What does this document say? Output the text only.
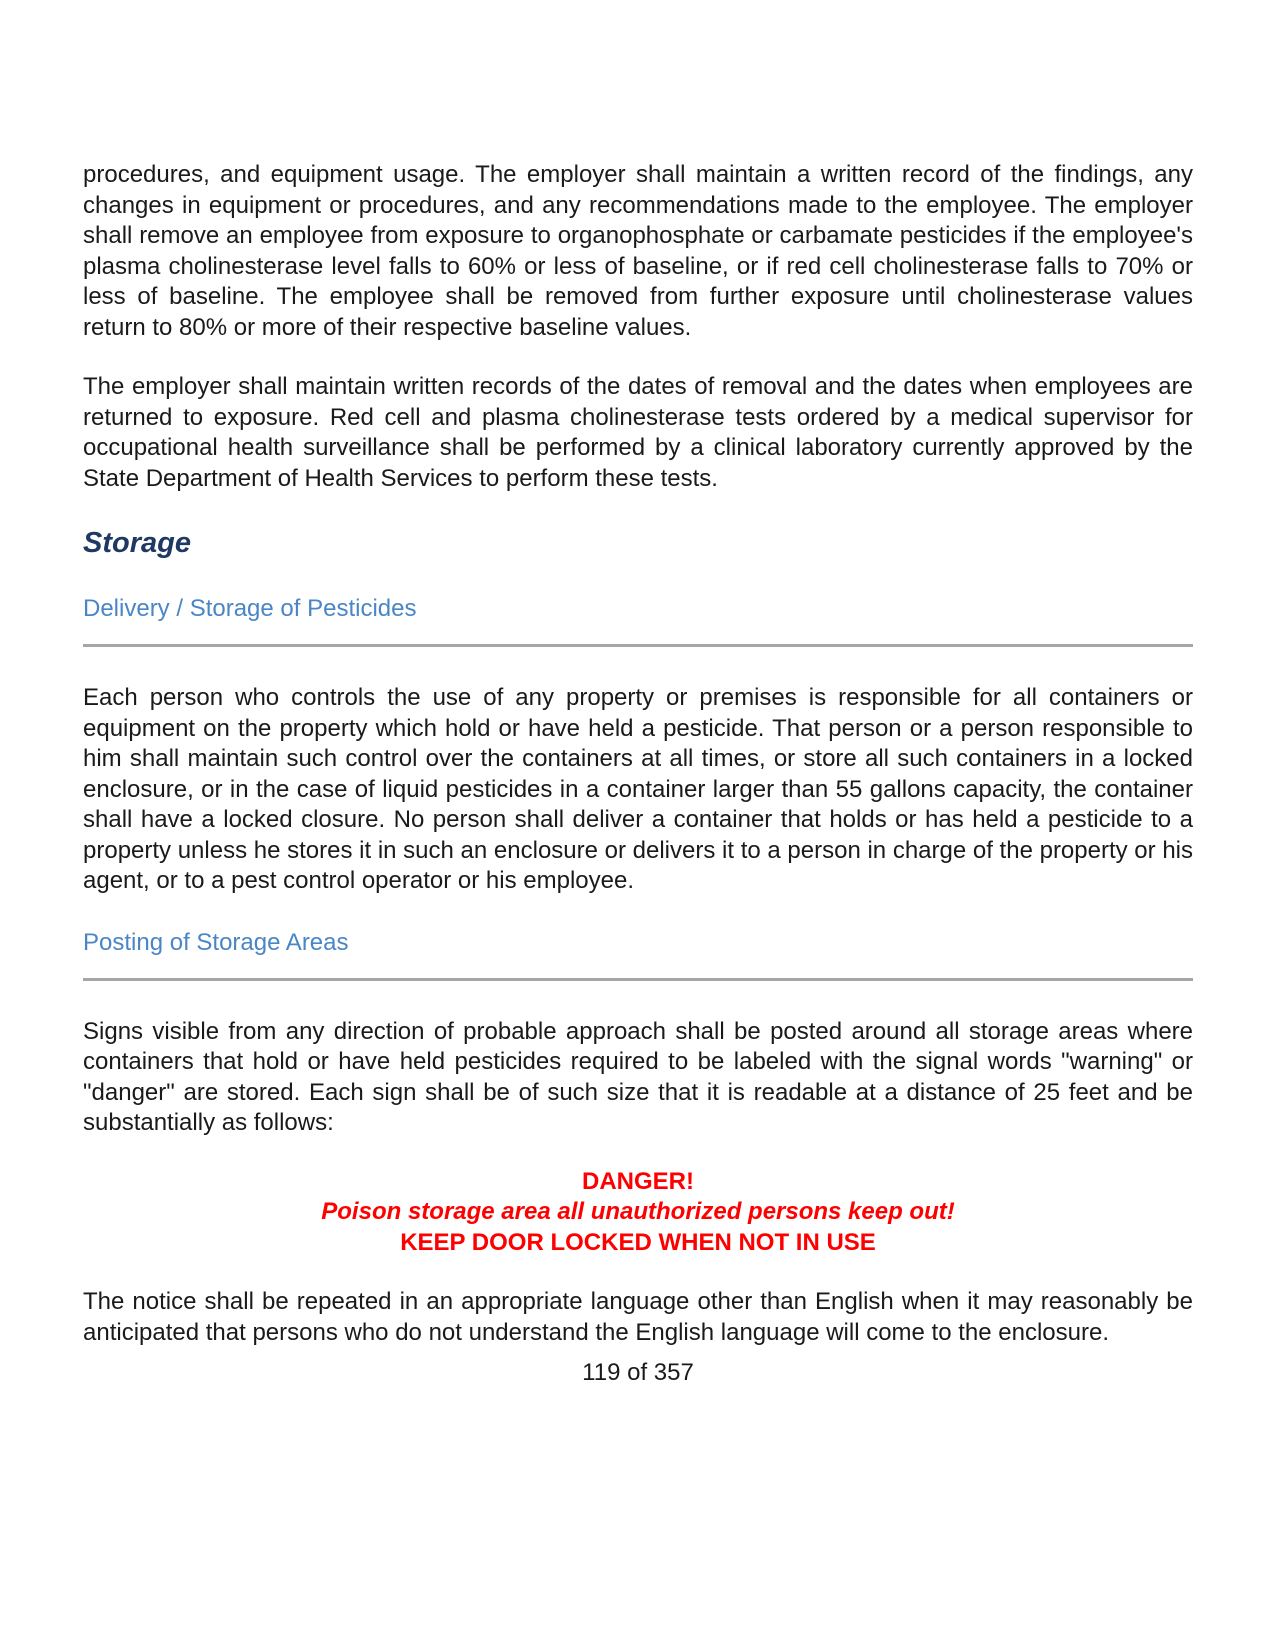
procedures, and equipment usage. The employer shall maintain a written record of the findings, any changes in equipment or procedures, and any recommendations made to the employee. The employer shall remove an employee from exposure to organophosphate or carbamate pesticides if the employee's plasma cholinesterase level falls to 60% or less of baseline, or if red cell cholinesterase falls to 70% or less of baseline. The employee shall be removed from further exposure until cholinesterase values return to 80% or more of their respective baseline values.

The employer shall maintain written records of the dates of removal and the dates when employees are returned to exposure. Red cell and plasma cholinesterase tests ordered by a medical supervisor for occupational health surveillance shall be performed by a clinical laboratory currently approved by the State Department of Health Services to perform these tests.

Storage
Delivery / Storage of Pesticides

Each person who controls the use of any property or premises is responsible for all containers or equipment on the property which hold or have held a pesticide. That person or a person responsible to him shall maintain such control over the containers at all times, or store all such containers in a locked enclosure, or in the case of liquid pesticides in a container larger than 55 gallons capacity, the container shall have a locked closure. No person shall deliver a container that holds or has held a pesticide to a property unless he stores it in such an enclosure or delivers it to a person in charge of the property or his agent, or to a pest control operator or his employee.

Posting of Storage Areas

Signs visible from any direction of probable approach shall be posted around all storage areas where containers that hold or have held pesticides required to be labeled with the signal words "warning" or "danger" are stored. Each sign shall be of such size that it is readable at a distance of 25 feet and be substantially as follows:

DANGER!
Poison storage area all unauthorized persons keep out!
KEEP DOOR LOCKED WHEN NOT IN USE

The notice shall be repeated in an appropriate language other than English when it may reasonably be anticipated that persons who do not understand the English language will come to the enclosure.

119 of 357
